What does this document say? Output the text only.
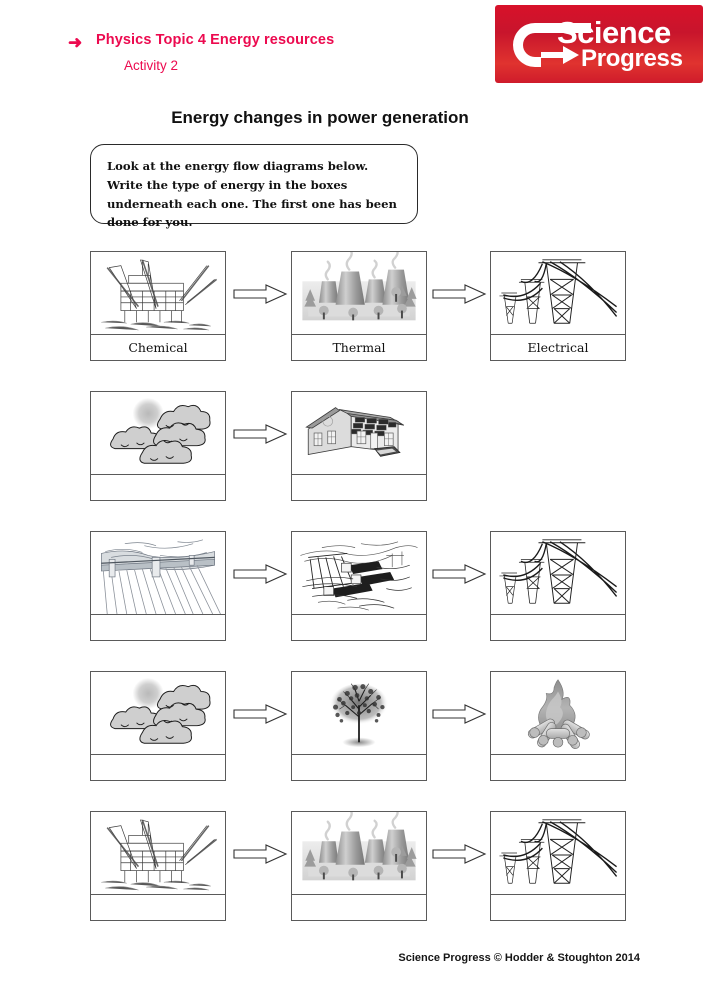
➜ Physics Topic 4 Energy resources
Activity 2
Science
Progress
Energy changes in power generation

Look at the energy flow diagrams below. Write the type of energy in the boxes underneath each one. The first one has been done for you.

Chemical	Thermal	Electrical
Science Progress © Hodder & Stoughton 2014
